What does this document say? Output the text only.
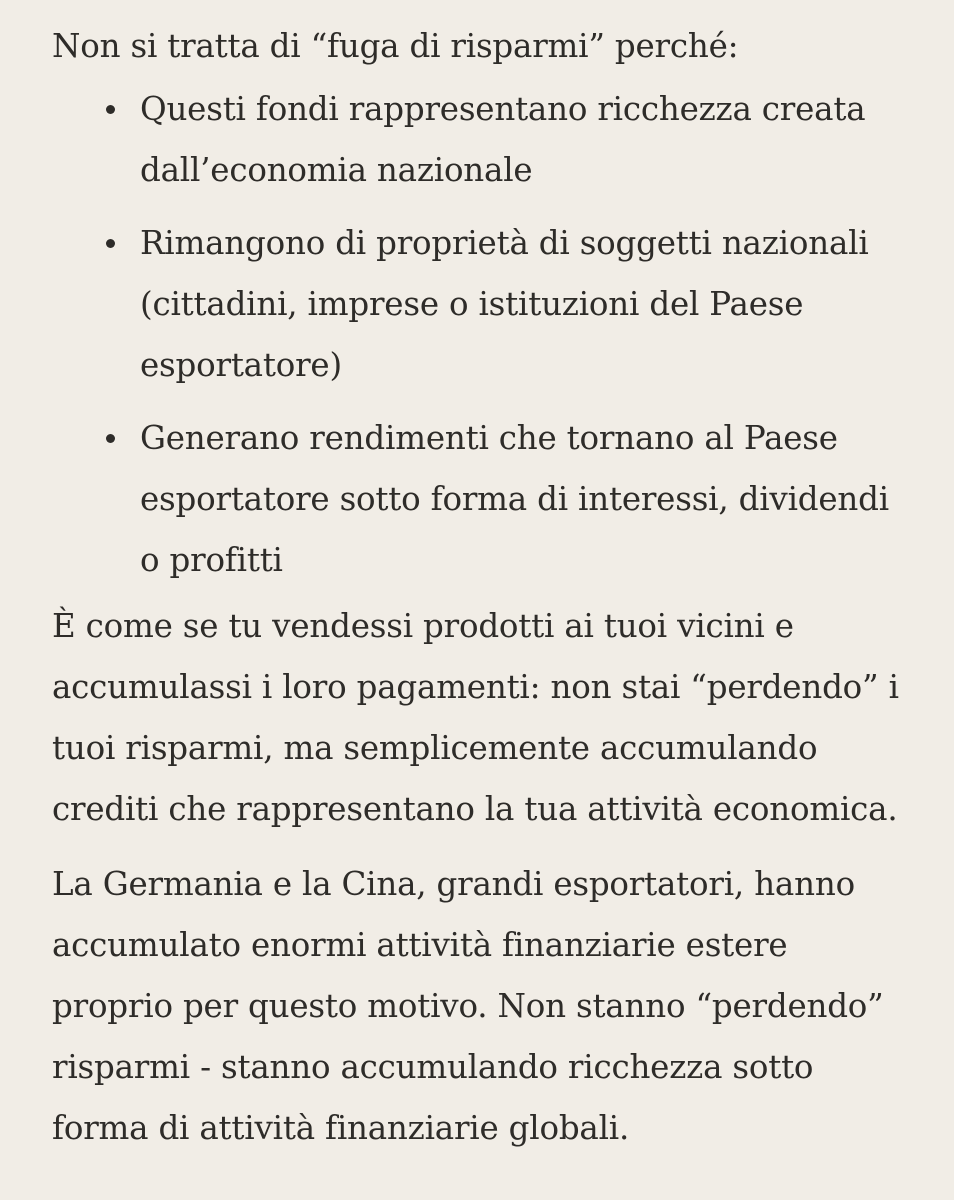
Non si tratta di “fuga di risparmi” perché:

Questi fondi rappresentano ricchezza creata dall’economia nazionale
Rimangono di proprietà di soggetti nazionali (cittadini, imprese o istituzioni del Paese esportatore)
Generano rendimenti che tornano al Paese esportatore sotto forma di interessi, dividendi o profitti

È come se tu vendessi prodotti ai tuoi vicini e accumulassi i loro pagamenti: non stai “perdendo” i tuoi risparmi, ma semplicemente accumulando crediti che rappresentano la tua attività economica.

La Germania e la Cina, grandi esportatori, hanno accumulato enormi attività finanziarie estere proprio per questo motivo. Non stanno “perdendo” risparmi - stanno accumulando ricchezza sotto forma di attività finanziarie globali.
